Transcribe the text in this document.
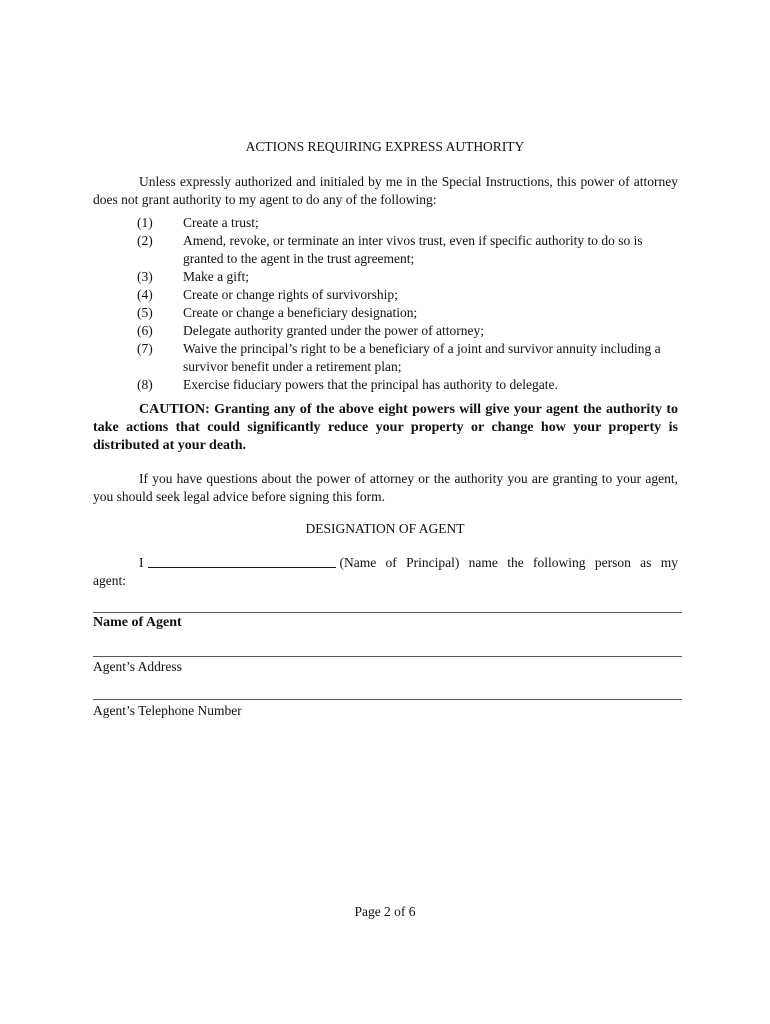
ACTIONS REQUIRING EXPRESS AUTHORITY
Unless expressly authorized and initialed by me in the Special Instructions, this power of attorney does not grant authority to my agent to do any of the following:
(1)	Create a trust;
(2)	Amend, revoke, or terminate an inter vivos trust, even if specific authority to do so is granted to the agent in the trust agreement;
(3)	Make a gift;
(4)	Create or change rights of survivorship;
(5)	Create or change a beneficiary designation;
(6)	Delegate authority granted under the power of attorney;
(7)	Waive the principal’s right to be a beneficiary of a joint and survivor annuity including a survivor benefit under a retirement plan;
(8)	Exercise fiduciary powers that the principal has authority to delegate.
CAUTION: Granting any of the above eight powers will give your agent the authority to take actions that could significantly reduce your property or change how your property is distributed at your death.
If you have questions about the power of attorney or the authority you are granting to your agent, you should seek legal advice before signing this form.
DESIGNATION OF AGENT
I	(Name of Principal) name the following person as my
agent:
Name of Agent
Agent’s Address
Agent’s Telephone Number
Page 2 of 6
